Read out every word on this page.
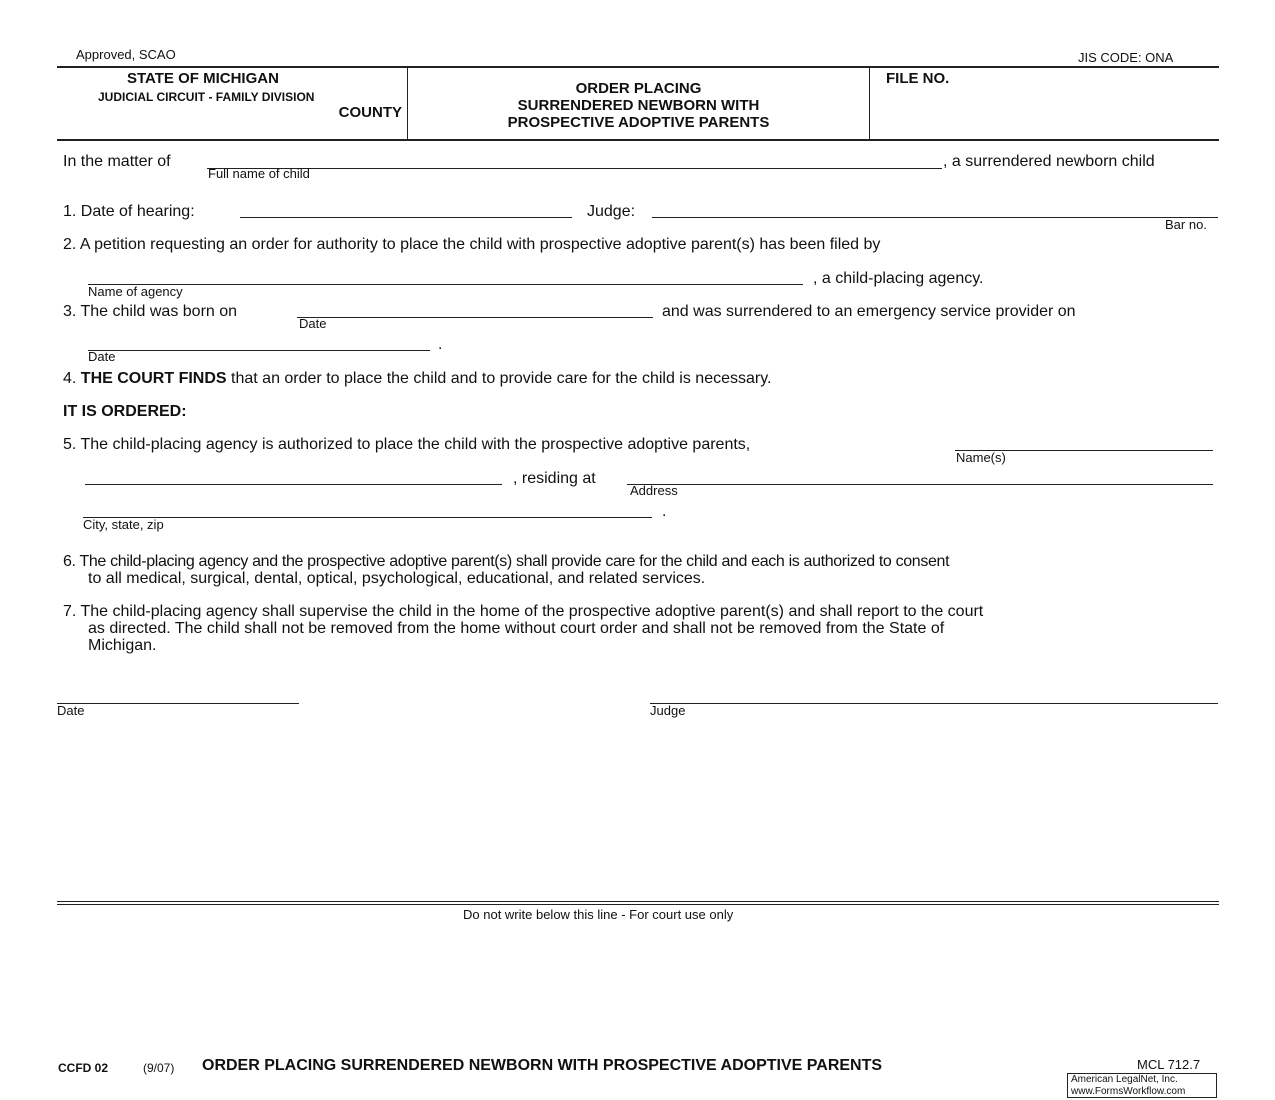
Approved, SCAO	JIS CODE: ONA
STATE OF MICHIGAN
JUDICIAL CIRCUIT - FAMILY DIVISION
COUNTY
ORDER PLACING
SURRENDERED NEWBORN WITH
PROSPECTIVE ADOPTIVE PARENTS
FILE NO.
In the matter of	, a surrendered newborn child
Full name of child
1. Date of hearing:	Judge:
Bar no.
2. A petition requesting an order for authority to place the child with prospective adoptive parent(s) has been filed by
, a child-placing agency.
Name of agency
3. The child was born on	and was surrendered to an emergency service provider on
Date
.
Date
4. THE COURT FINDS that an order to place the child and to provide care for the child is necessary.
IT IS ORDERED:
5. The child-placing agency is authorized to place the child with the prospective adoptive parents,
Name(s)
, residing at
Address
.
City, state, zip
6. The child-placing agency and the prospective adoptive parent(s) shall provide care for the child and each is authorized to consent
to all medical, surgical, dental, optical, psychological, educational, and related services.
7. The child-placing agency shall supervise the child in the home of the prospective adoptive parent(s) and shall report to the court
as directed. The child shall not be removed from the home without court order and shall not be removed from the State of
Michigan.
Date	Judge
Do not write below this line - For court use only
CCFD 02	(9/07) ORDER PLACING SURRENDERED NEWBORN WITH PROSPECTIVE ADOPTIVE PARENTS	MCL 712.7
American LegalNet, Inc.
www.FormsWorkflow.com
